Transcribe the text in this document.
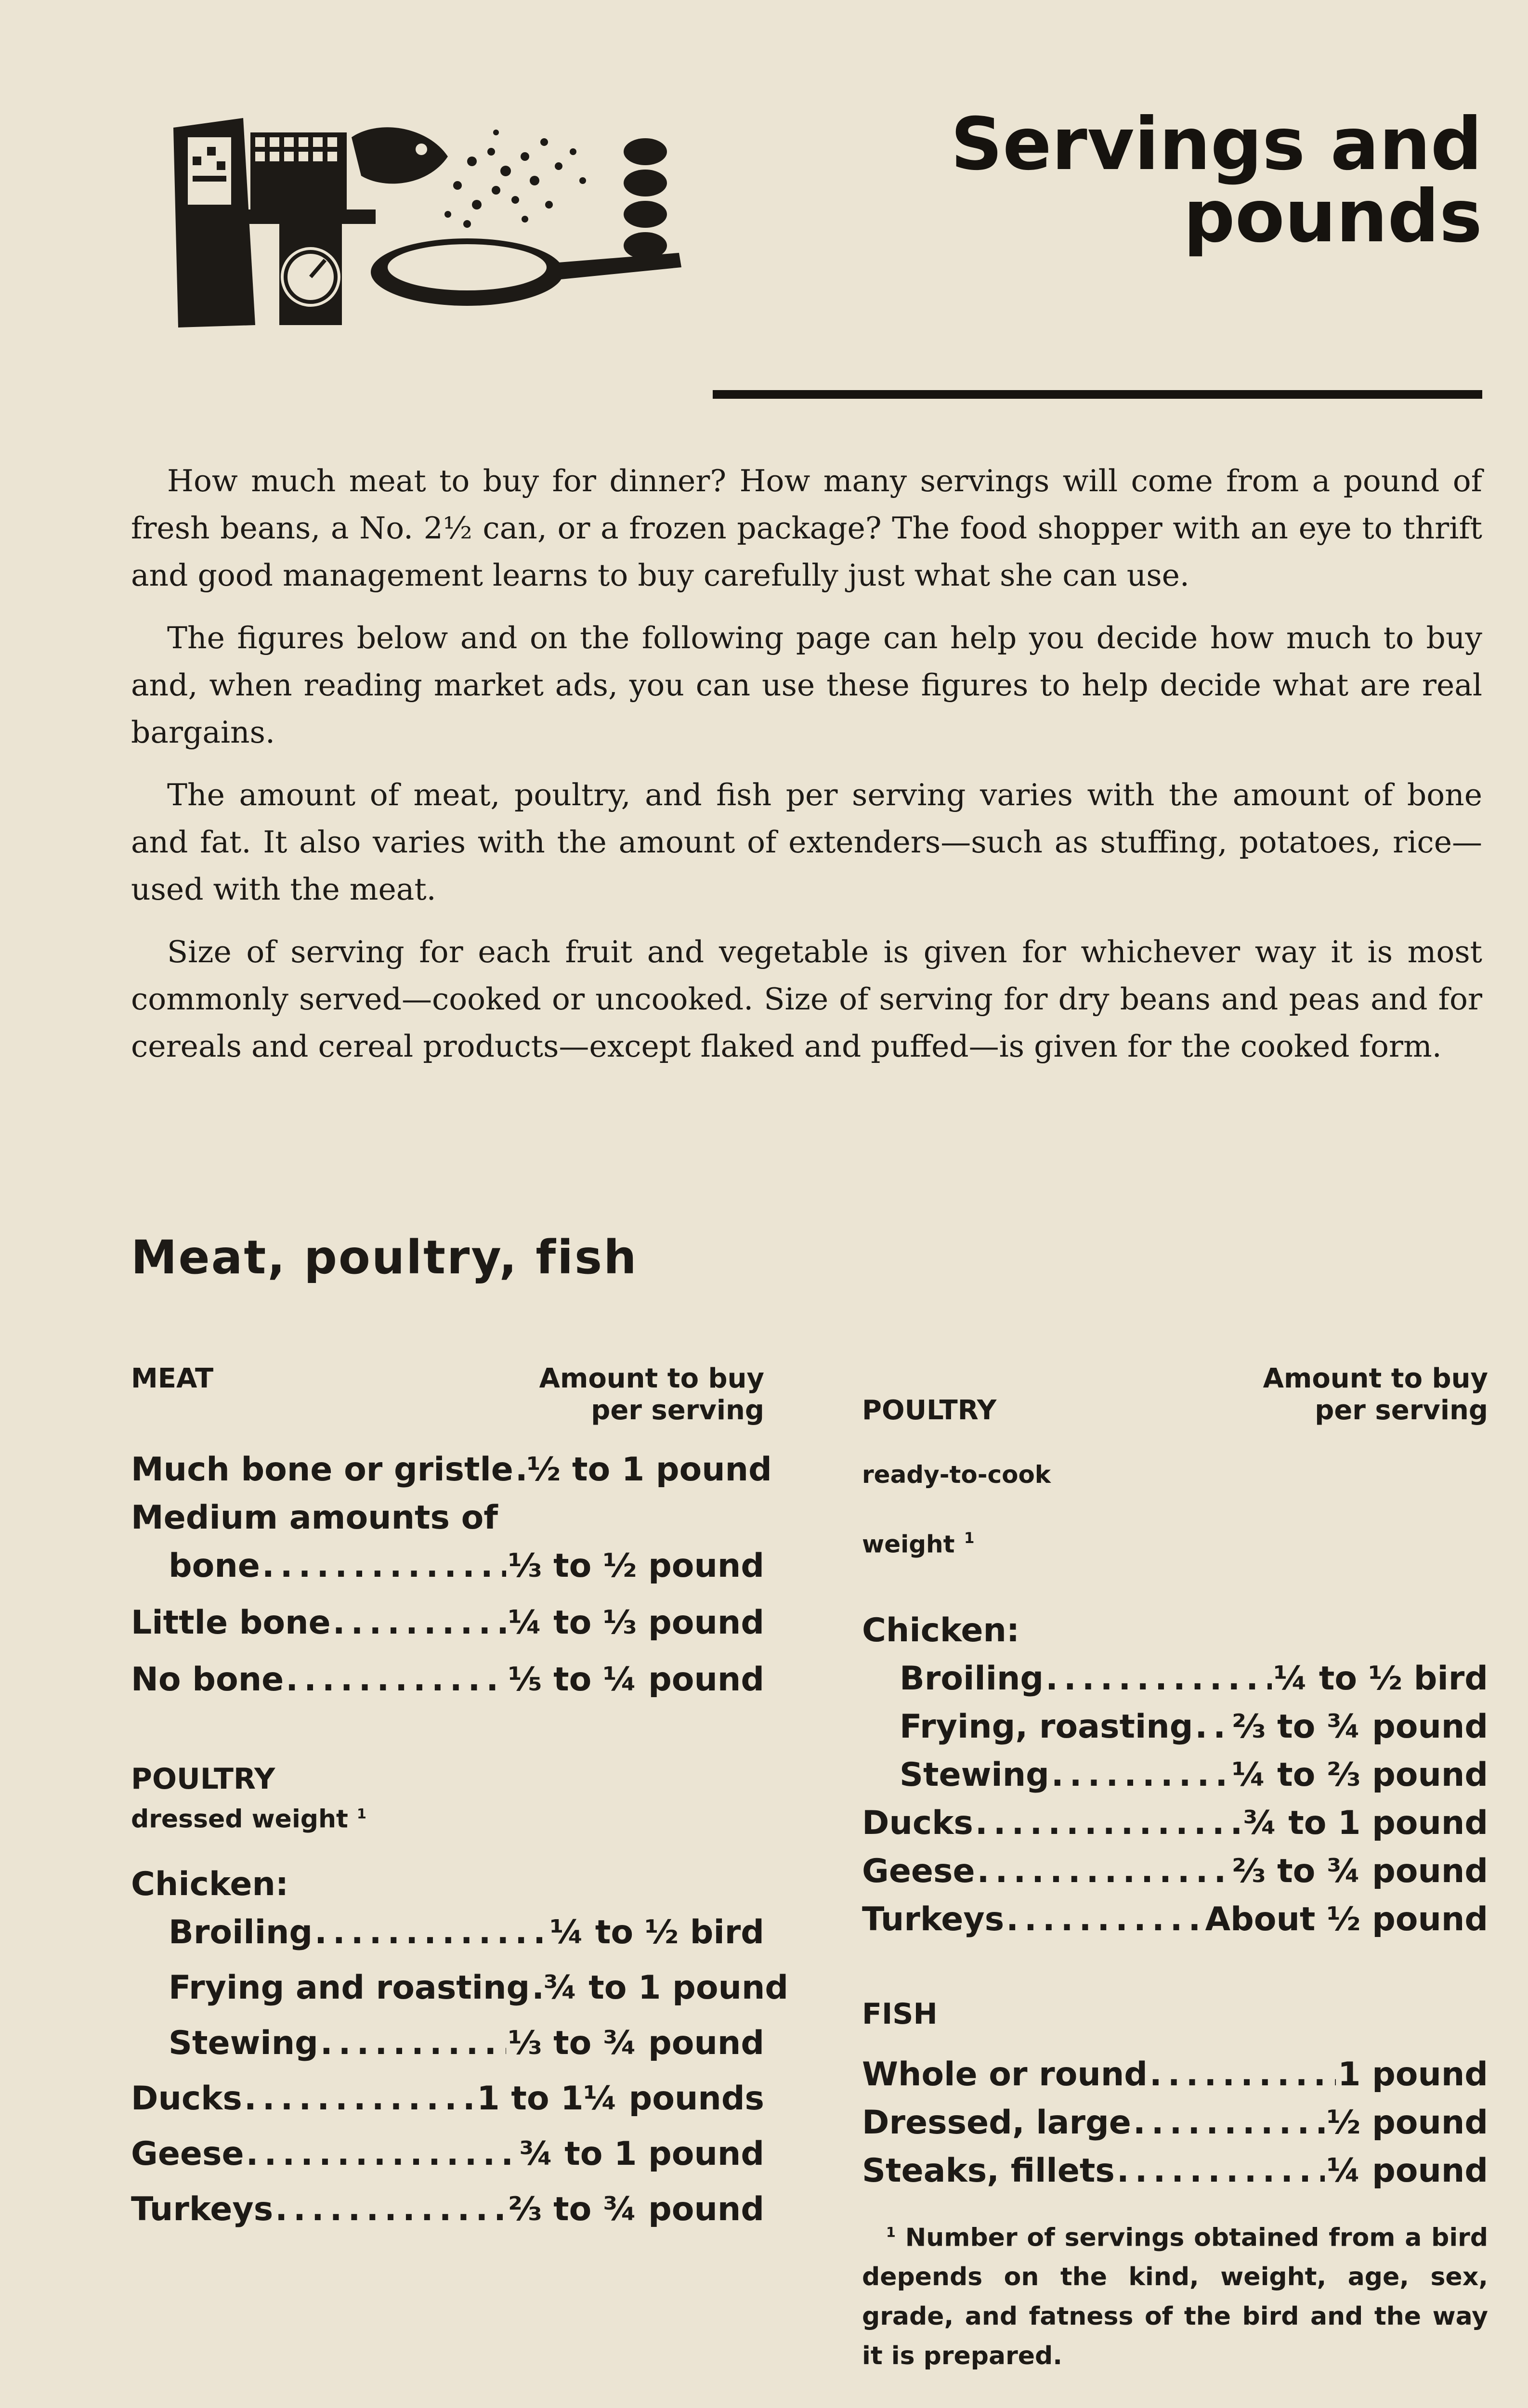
Servings and
pounds

How much meat to buy for dinner? How many servings will come from a pound of fresh beans, a No. 2½ can, or a frozen package? The food shopper with an eye to thrift and good management learns to buy carefully just what she can use.

The figures below and on the following page can help you decide how much to buy and, when reading market ads, you can use these figures to help decide what are real bargains.

The amount of meat, poultry, and fish per serving varies with the amount of bone and fat. It also varies with the amount of extenders—such as stuffing, potatoes, rice—used with the meat.

Size of serving for each fruit and vegetable is given for whichever way it is most commonly served—cooked or uncooked. Size of serving for dry beans and peas and for cereals and cereal products—except flaked and puffed—is given for the cooked form.

Meat, poultry, fish
MEAT	Amount to buy
per serving
Much bone or gristle ..... ½ to 1 pound
Medium amounts of
bone .....	⅓ to ½ pound
Little bone .....	¼ to ⅓ pound
No bone .....	⅕ to ¼ pound
POULTRY
dressed weight $^1$
Chicken:
Broiling .....	¼ to ½ bird
Frying and roasting ..... ¾ to 1 pound
Stewing .....	⅓ to ¾ pound
Ducks .....	1 to 1¼ pounds
Geese .....	¾ to 1 pound
Turkeys .....	⅔ to ¾ pound

POULTRY

ready-to-cook

weight $^1$

Amount to buy
per serving
Chicken:
Broiling .....	¼ to ½ bird
Frying, roasting ..... ⅔ to ¾ pound
Stewing .....	¼ to ⅔ pound
Ducks .....	¾ to 1 pound
Geese .....	⅔ to ¾ pound
Turkeys .....	About ½ pound
FISH
Whole or round .....	1 pound
Dressed, large .....	½ pound
Steaks, fillets .....	¼ pound
$^1$ Number of servings obtained from a bird depends on the kind, weight, age, sex, grade, and fatness of the bird and the way it is prepared.
